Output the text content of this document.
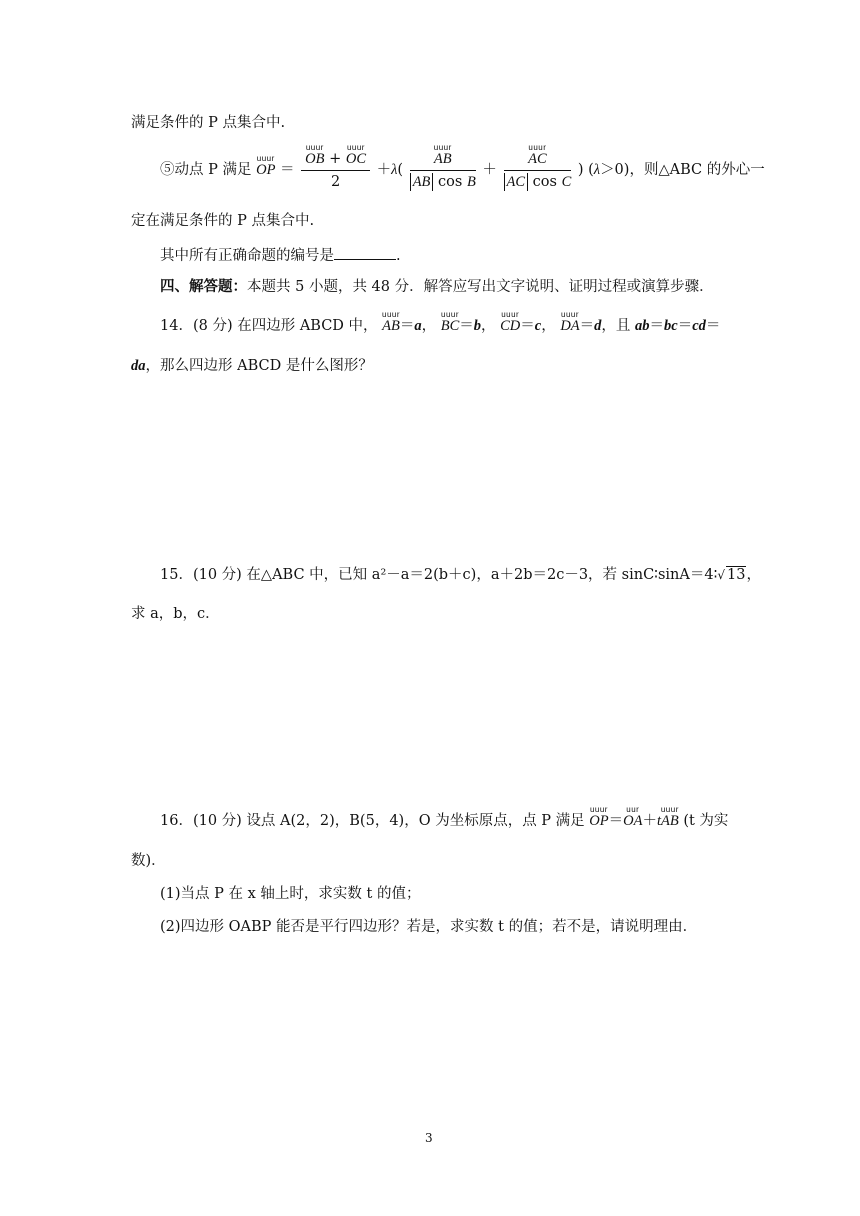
满足条件的 P 点集合中.
⑤动点 P 满足
uuur
OP ＝ uuur
OB +
uuur
OC
2 ＋λ( uuur
AB
AB cos B ＋ uuur
AC
AC cos C ) (λ＞0)，则△ABC 的外心一
定在满足条件的 P 点集合中.
其中所有正确命题的编号是	.
四、解答题：本题共 5 小题，共 48 分．解答应写出文字说明、证明过程或演算步骤．
14．(8 分) 在四边形 ABCD 中，
uuur
AB＝a，
uuur
BC＝b，
uuur
CD＝c，
uuur
DA＝d，且 ab＝bc＝cd＝
da，那么四边形 ABCD 是什么图形？
15．(10 分) 在△ABC 中，已知 a²－a＝2(b＋c)，a＋2b＝2c－3，若 sinC∶sinA＝4∶√ 13，
求 a，b，c．
16．(10 分) 设点 A(2，2)，B(5，4)，O 为坐标原点，点 P 满足
uuur
OP＝
uur
OA＋t
uuur
AB (t 为实
数)．
(1)当点 P 在 x 轴上时，求实数 t 的值；
(2)四边形 OABP 能否是平行四边形？若是，求实数 t 的值；若不是，请说明理由．
3
